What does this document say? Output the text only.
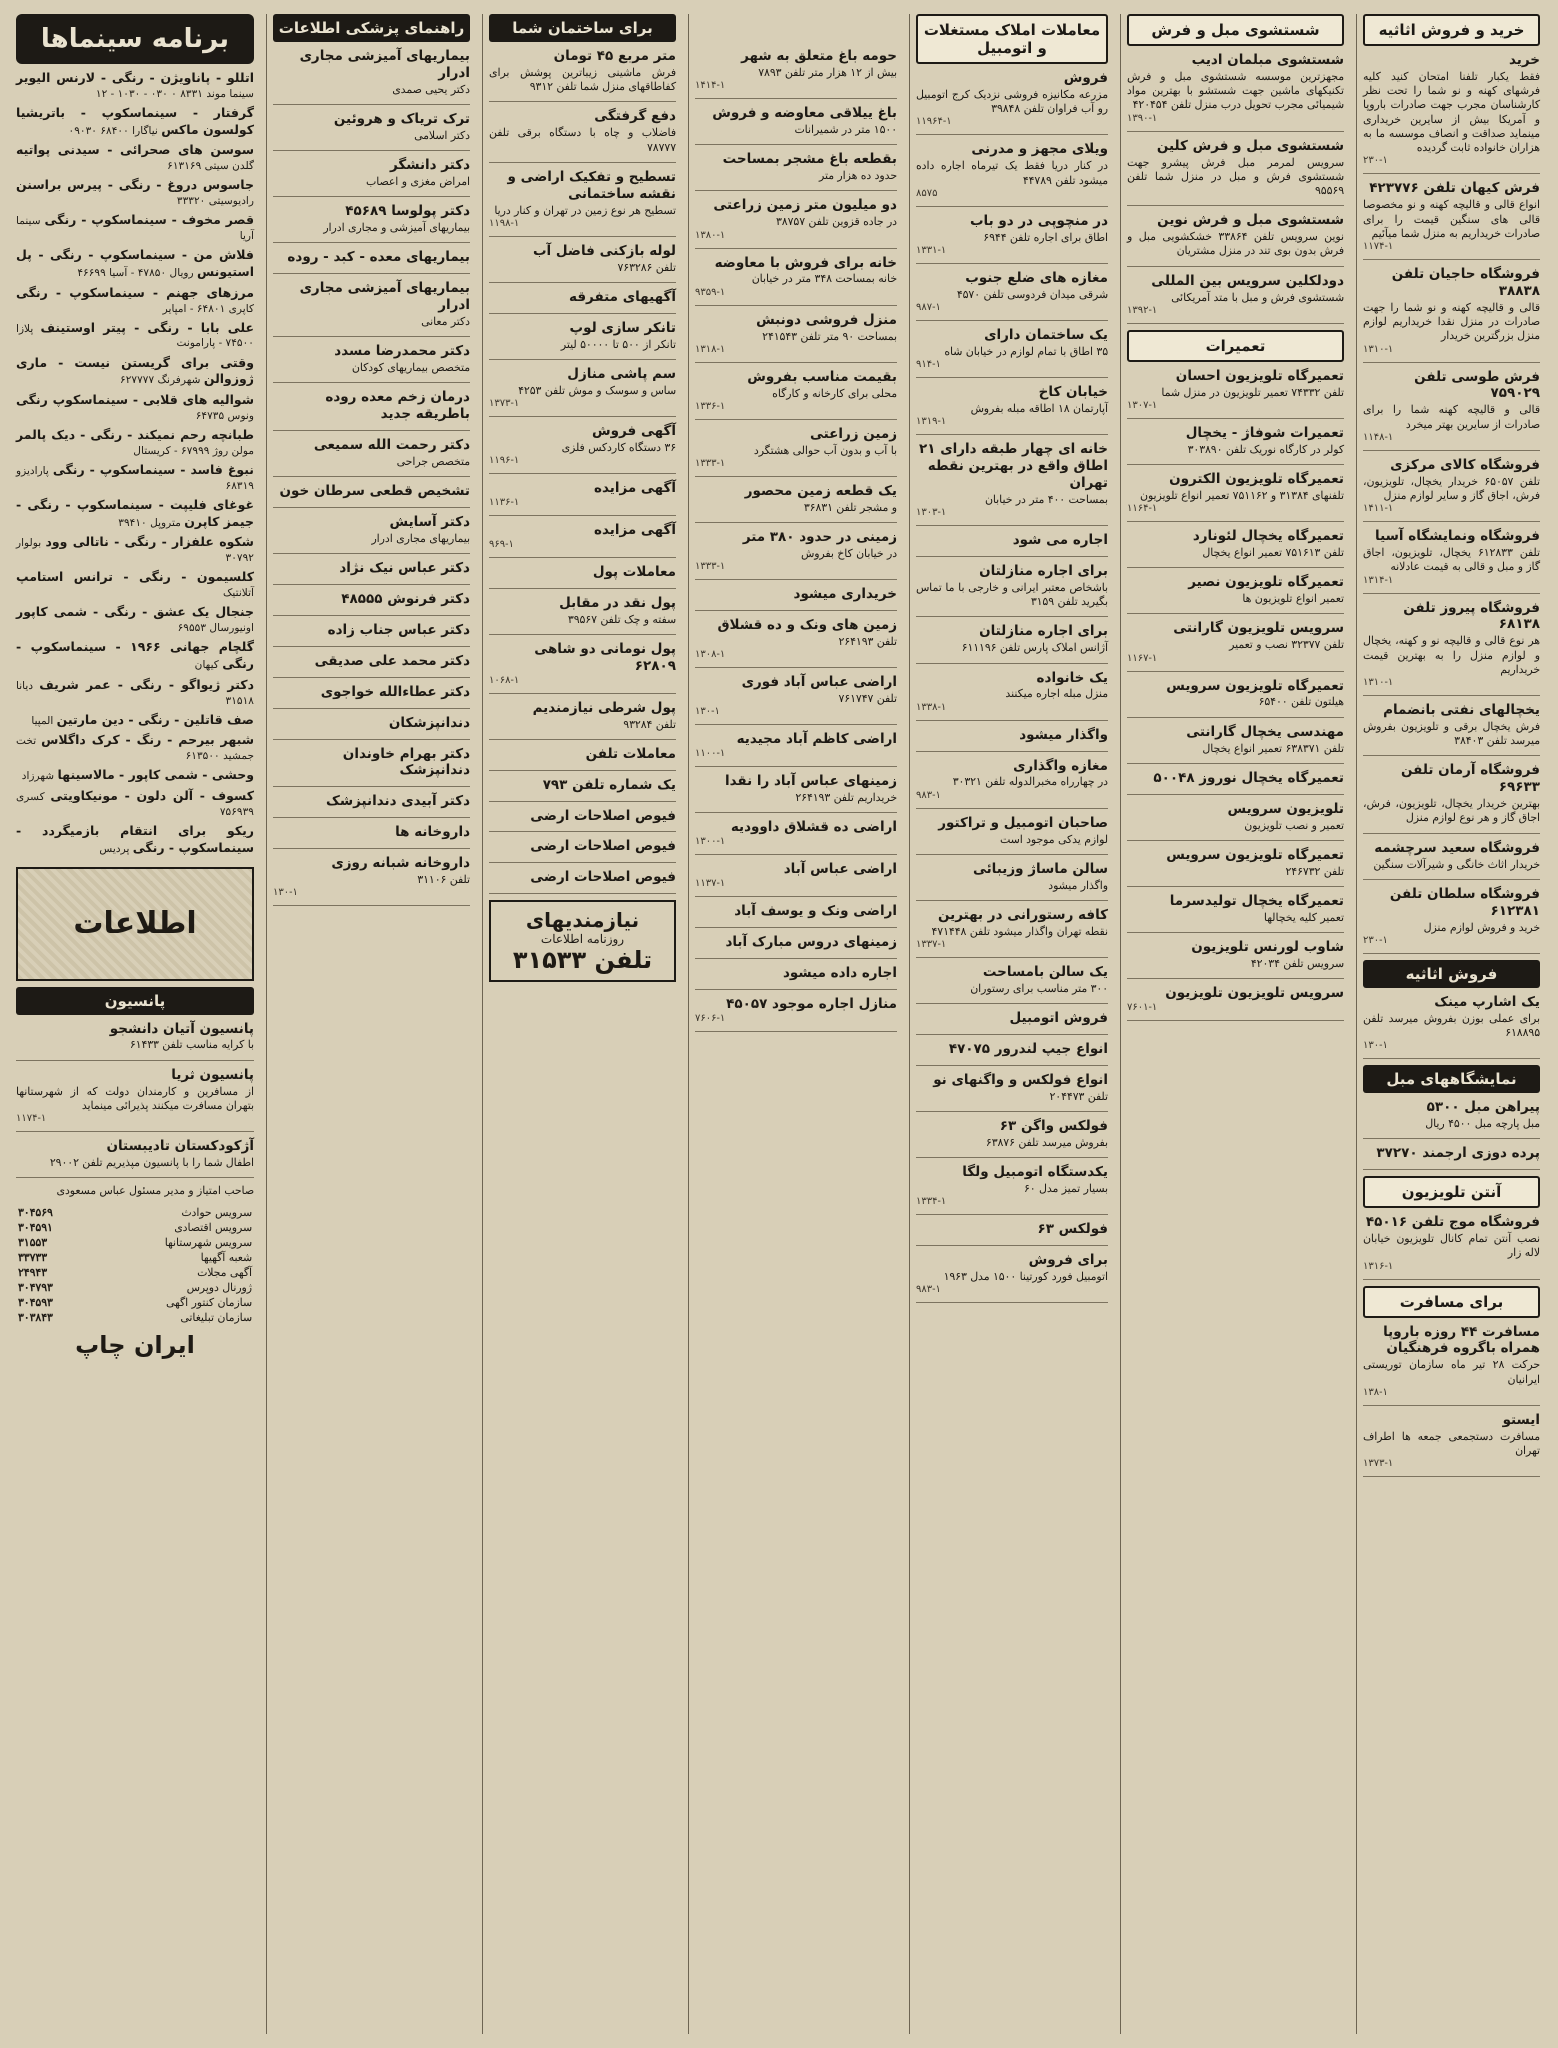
خرید و فروش اثاثیه
خرید

فقط یکبار تلفنا امتحان کنید کلیه فرشهای کهنه و نو شما را تحت نظر کارشناسان مجرب جهت صادرات باروپا و آمریکا بیش از سایرین خریداری مینماید صداقت و انصاف موسسه ما به هزاران خانواده ثابت گردیده

۲۳۰-۱
فرش کیهان تلفن ۴۲۳۷۷۶

انواع قالی و قالیچه کهنه و نو مخصوصا قالی های سنگین قیمت را برای صادرات خریداریم به منزل شما میآئیم

۱۱۷۴-۱
فروشگاه حاجیان تلفن ۳۸۸۳۸

قالی و قالیچه کهنه و نو شما را جهت صادرات در منزل نقدا خریداریم لوازم منزل بزرگترین خریدار

۱۳۱۰-۱
فرش طوسی تلفن ۷۵۹۰۲۹

قالی و قالیچه کهنه شما را برای صادرات از سایرین بهتر میخرد

۱۱۴۸-۱
فروشگاه کالای مرکزی

تلفن ۶۵۰۵۷ خریدار یخچال، تلویزیون، فرش، اجاق گاز و سایر لوازم منزل

۱۴۱۱-۱
فروشگاه ونمایشگاه آسیا

تلفن ۶۱۲۸۳۳ یخچال، تلویزیون، اجاق گاز و مبل و قالی به قیمت عادلانه

۱۳۱۴-۱
فروشگاه پیروز تلفن ۶۸۱۳۸

هر نوع قالی و قالیچه نو و کهنه، یخچال و لوازم منزل را به بهترین قیمت خریداریم

۱۳۱۰-۱
یخچالهای نفتی بانضمام

فرش یخچال برقی و تلویزیون بفروش میرسد تلفن ۳۸۴۰۳

فروشگاه آرمان تلفن ۶۹۶۳۳

بهترین خریدار یخچال، تلویزیون، فرش، اجاق گاز و هر نوع لوازم منزل

فروشگاه سعید سرچشمه

خریدار اثاث خانگی و شیرآلات سنگین

فروشگاه سلطان تلفن ۶۱۲۳۸۱

خرید و فروش لوازم منزل

۲۳۰-۱
فروش اثاثیه
یک اشارپ مینک

برای عملی بوزن بفروش میرسد تلفن ۶۱۸۸۹۵

۱۳۰-۱
نمایشگاههای مبل
پیراهن مبل ۵۳۰۰

مبل پارچه مبل ۴۵۰۰ ریال

پرده دوزی ارجمند ۳۷۲۷۰
آنتن تلویزیون
فروشگاه موج تلفن ۴۵۰۱۶

نصب آنتن تمام کانال تلویزیون خیابان لاله زار

۱۳۱۶-۱
برای مسافرت
مسافرت ۴۴ روزه باروپا همراه باگروه فرهنگیان

حرکت ۲۸ تیر ماه سازمان توریستی ایرانیان

۱۳۸-۱
ایستو

مسافرت دستجمعی جمعه ها اطراف تهران

۱۳۷۳-۱
شستشوی مبل و فرش
شستشوی مبلمان ادیب

مجهزترین موسسه شستشوی مبل و فرش تکنیکهای ماشین جهت شستشو با بهترین مواد شیمیائی مجرب تحویل درب منزل تلفن ۴۲۰۴۵۴

۱۳۹۰-۱
شستشوی مبل و فرش کلین

سرویس لمرمر مبل فرش پیشرو جهت شستشوی فرش و مبل در منزل شما تلفن ۹۵۵۶۹

شستشوی مبل و فرش نوین

نوین سرویس تلفن ۳۳۸۶۴ خشکشویی مبل و فرش بدون بوی تند در منزل مشتریان

دودلکلین سرویس بین المللی

شستشوی فرش و مبل با متد آمریکائی

۱۳۹۲-۱
تعمیرات
تعمیرگاه تلویزیون احسان

تلفن ۷۴۳۳۲ تعمیر تلویزیون در منزل شما

۱۳۰۷-۱
تعمیرات شوفاژ - یخچال

کولر در کارگاه نوریک تلفن ۳۰۳۸۹۰

تعمیرگاه تلویزیون الکترون

تلفنهای ۳۱۳۸۴ و ۷۵۱۱۶۲ تعمیر انواع تلویزیون

۱۱۶۴-۱
تعمیرگاه یخچال لئونارد

تلفن ۷۵۱۶۱۳ تعمیر انواع یخچال

تعمیرگاه تلویزیون نصیر

تعمیر انواع تلویزیون ها

سرویس تلویزیون گارانتی

تلفن ۳۲۳۷۷ نصب و تعمیر

۱۱۶۷-۱
تعمیرگاه تلویزیون سرویس

هیلتون تلفن ۶۵۴۰۰

مهندسی یخچال گارانتی

تلفن ۶۳۸۳۷۱ تعمیر انواع یخچال

تعمیرگاه یخچال نوروز ۵۰۰۴۸
تلویزیون سرویس

تعمیر و نصب تلویزیون

تعمیرگاه تلویزیون سرویس

تلفن ۲۴۶۷۳۲

تعمیرگاه یخچال تولیدسرما

تعمیر کلیه یخچالها

شاوب لورنس تلویزیون

سرویس تلفن ۴۲۰۳۴

سرویس تلویزیون تلویزیون
۷۶۰۱-۱
معاملات املاک مستغلات و اتومبیل
فروش

مزرعه مکانیزه فروشی نزدیک کرج اتومبیل رو آب فراوان تلفن ۳۹۸۴۸

۱۱۹۶۴-۱
ویلای مجهز و مدرنی

در کنار دریا فقط یک تیرماه اجاره داده میشود تلفن ۴۴۷۸۹

۸۵۷۵
در منچوپی در دو باب

اطاق برای اجاره تلفن ۶۹۴۴

۱۳۳۱-۱
مغازه های ضلع جنوب

شرقی میدان فردوسی تلفن ۴۵۷۰

۹۸۷-۱
یک ساختمان دارای

۳۵ اطاق با تمام لوازم در خیابان شاه

۹۱۴-۱
خیابان کاخ

آپارتمان ۱۸ اطاقه مبله بفروش

۱۳۱۹-۱
خانه ای چهار طبقه دارای ۲۱ اطاق واقع در بهترین نقطه تهران

بمساحت ۴۰۰ متر در خیابان

۱۳۰۳-۱
اجاره می شود
برای اجاره منازلتان

باشخاص معتبر ایرانی و خارجی با ما تماس بگیرید تلفن ۳۱۵۹

برای اجاره منازلتان

آژانس املاک پارس تلفن ۶۱۱۱۹۶

یک خانواده

منزل مبله اجاره میکنند

۱۳۳۸-۱
واگذار میشود
مغازه واگذاری

در چهارراه مخبرالدوله تلفن ۳۰۳۲۱

۹۸۳-۱
صاحبان اتومبیل و تراکتور

لوازم یدکی موجود است

سالن ماساژ وزیبائی

واگذار میشود

کافه رستورانی در بهترین

نقطه تهران واگذار میشود تلفن ۴۷۱۴۴۸

۱۳۳۷-۱
یک سالن بامساحت

۳۰۰ متر مناسب برای رستوران

فروش اتومبیل
انواع جیپ لندرور ۴۷۰۷۵
انواع فولکس و واگنهای نو

تلفن ۲۰۴۴۷۳

فولکس واگن ۶۳

بفروش میرسد تلفن ۶۳۸۷۶

یکدستگاه اتومبیل ولگا

بسیار تمیز مدل ۶۰

۱۳۳۴-۱
فولکس ۶۳
برای فروش

اتومبیل فورد کورتینا ۱۵۰۰ مدل ۱۹۶۳

۹۸۳-۱
حومه باغ متعلق به شهر

بیش از ۱۲ هزار متر تلفن ۷۸۹۳

۱۴۱۴-۱
باغ ییلاقی معاوضه و فروش

۱۵۰۰ متر در شمیرانات

بقطعه باغ مشجر بمساحت

حدود ده هزار متر

دو میلیون متر زمین زراعتی

در جاده قزوین تلفن ۳۸۷۵۷

۱۳۸۰-۱
خانه برای فروش با معاوضه

خانه بمساحت ۳۴۸ متر در خیابان

۹۳۵۹-۱
منزل فروشی دونبش

بمساحت ۹۰ متر تلفن ۲۴۱۵۴۳

۱۳۱۸-۱
بقیمت مناسب بفروش

محلی برای کارخانه و کارگاه

۱۳۳۶-۱
زمین زراعتی

با آب و بدون آب حوالی هشتگرد

۱۳۳۳-۱
یک قطعه زمین محصور

و مشجر تلفن ۳۶۸۳۱

زمینی در حدود ۳۸۰ متر

در خیابان کاخ بفروش

۱۳۳۳-۱
خریداری میشود
زمین های ونک و ده قشلاق

تلفن ۲۶۴۱۹۳

۱۳۰۸-۱
اراضی عباس آباد فوری

تلفن ۷۶۱۷۴۷

۱۳۰-۱
اراضی کاظم آباد مجیدیه
۱۱۰۰-۱
زمینهای عباس آباد را نقدا

خریداریم تلفن ۲۶۴۱۹۳

اراضی ده قشلاق داوودیه
۱۳۰۰-۱
اراضی عباس آباد
۱۱۳۷-۱
اراضی ونک و یوسف آباد
زمینهای دروس مبارک آباد
اجاره داده میشود
منازل اجاره موجود ۴۵۰۵۷
۷۶۰۶-۱
برای ساختمان شما
متر مربع ۴۵ تومان

فرش ماشینی زیباترین پوشش برای کفاطاقهای منزل شما تلفن ۹۳۱۲

دفع گرفتگی

فاضلاب و چاه با دستگاه برقی تلفن ۷۸۷۷۷

تسطیح و تفکیک اراضی و نقشه ساختمانی

تسطیح هر نوع زمین در تهران و کنار دریا

۱۱۹۸-۱
لوله بازکنی فاضل آب

تلفن ۷۶۳۲۸۶

آگهیهای متفرقه
تانکر سازی لوپ

تانکر از ۵۰۰ تا ۵۰۰۰۰ لیتر

سم پاشی منازل

ساس و سوسک و موش تلفن ۴۲۵۳

۱۳۷۳-۱
آگهی فروش

۳۶ دستگاه کاردکس فلزی

۱۱۹۶-۱
آگهی مزایده
۱۱۳۶-۱
آگهی مزایده
۹۶۹-۱
معاملات پول
پول نقد در مقابل

سفته و چک تلفن ۳۹۵۶۷

پول نومانی دو شاهی ۶۲۸۰۹
۱۰۶۸-۱
پول شرطی نیازمندیم

تلفن ۹۳۲۸۴

معاملات تلفن
یک شماره تلفن ۷۹۳
فیوص اصلاحات ارضی
فیوص اصلاحات ارضی
فیوص اصلاحات ارضی
نیازمندیهای
روزنامه اطلاعات
تلفن ۳۱۵۳۳
راهنمای پزشکی اطلاعات
بیماریهای آمیزشی مجاری ادرار

دکتر یحیی صمدی

ترک تریاک و هروئین

دکتر اسلامی

دکتر دانشگر

امراض مغزی و اعصاب

دکتر پولوسا ۴۵۶۸۹

بیماریهای آمیزشی و مجاری ادرار

بیماریهای معده - کبد - روده
بیماریهای آمیزشی مجاری ادرار

دکتر معانی

دکتر محمدرضا مسدد

متخصص بیماریهای کودکان

درمان زخم معده روده باطریقه جدید
دکتر رحمت الله سمیعی

متخصص جراحی

تشخیص قطعی سرطان خون
دکتر آسایش

بیماریهای مجاری ادرار

دکتر عباس نیک نژاد
دکتر فرنوش ۴۸۵۵۵
دکتر عباس جناب زاده
دکتر محمد علی صدیقی
دکتر عطاءالله خواجوی
دندانپزشکان
دکتر بهرام خاوندان دندانپزشک
دکتر آبیدی دندانپزشک
داروخانه ها
داروخانه شبانه روزی

تلفن ۳۱۱۰۶

۱۳۰-۱
برنامه سینماها

اتللو - پاناویژن - رنگی - لارنس الیویر سینما موند ۸۳۳۱ ۰ ۰۳۰ - ۱۰۳۰ - ۱۲

گرفتار - سینماسکوپ - باتریشیا کولسون ماکس نیاگارا ۶۸۴۰۰ ۰۹۰۳۰

سوسن های صحرائی - سیدنی پواتیه گلدن سیتی ۶۱۳۱۶۹

جاسوس دروغ - رنگی - پیرس براسنن رادیوسیتی ۳۳۳۲۰

قصر مخوف - سینماسکوپ - رنگی سینما آریا

فلاش من - سینماسکوپ - رنگی - پل استیونس رویال ۴۷۸۵۰ - آسیا ۴۶۶۹۹

مرزهای جهنم - سینماسکوپ - رنگی کاپری ۶۴۸۰۱ - امپایر

علی بابا - رنگی - پیتر اوستینف پلازا ۷۴۵۰۰ - پارامونت

وقتی برای گریستن نیست - ماری ژوزوالن شهرفرنگ ۶۲۷۷۷۷

شوالیه های قلابی - سینماسکوپ رنگی ونوس ۶۴۷۳۵

طبانچه رحم نمیکند - رنگی - دیک پالمر مولن روژ ۶۷۹۹۹ - کریستال

نبوغ فاسد - سینماسکوپ - رنگی پارادیزو ۶۸۳۱۹

غوغای فلیپت - سینماسکوپ - رنگی - جیمز کاپرن متروپل ۳۹۴۱۰

شکوه علفزار - رنگی - ناتالی وود بولوار ۳۰۷۹۲

کلسیمون - رنگی - ترانس استامپ آتلانتیک

جنجال یک عشق - رنگی - شمی کاپور اونیورسال ۶۹۵۵۳

گلچام جهانی ۱۹۶۶ - سینماسکوپ - رنگی کیهان

دکتر ژیواگو - رنگی - عمر شریف دیانا ۳۱۵۱۸

صف قاتلین - رنگی - دین مارتین المپیا

شبهر بیرحم - رنگ - کرک داگلاس تخت جمشید ۶۱۳۵۰۰

وحشی - شمی کاپور - مالاسینها شهرزاد

کسوف - آلن دلون - مونیکاویتی کسری ۷۵۶۹۳۹

ریکو برای انتقام بازمیگردد - سینماسکوپ - رنگی پردیس

اطلاعات
پانسیون
پانسیون آتیان دانشجو

با کرایه مناسب تلفن ۶۱۴۳۳

پانسیون ثریا

از مسافرین و کارمندان دولت که از شهرستانها بتهران مسافرت میکنند پذیرائی مینماید

۱۱۷۴-۱
آژکودکستان تادیبستان

اطفال شما را با پانسیون مپذیریم تلفن ۲۹۰۰۲

صاحب امتیاز و مدیر مسئول عباس مسعودی

سرویس حوادث	۳۰۴۵۶۹
سرویس اقتصادی	۳۰۴۵۹۱
سرویس شهرستانها	۳۱۵۵۳
شعبه آگهیها	۳۳۷۳۳
آگهی مجلات	۲۴۹۴۳
ژورنال دوپرس	۳۰۴۷۹۳
سازمان کنتور اگهی	۳۰۴۵۹۳
سازمان تبلیغاتی	۳۰۳۸۴۳
ایران چاپ
